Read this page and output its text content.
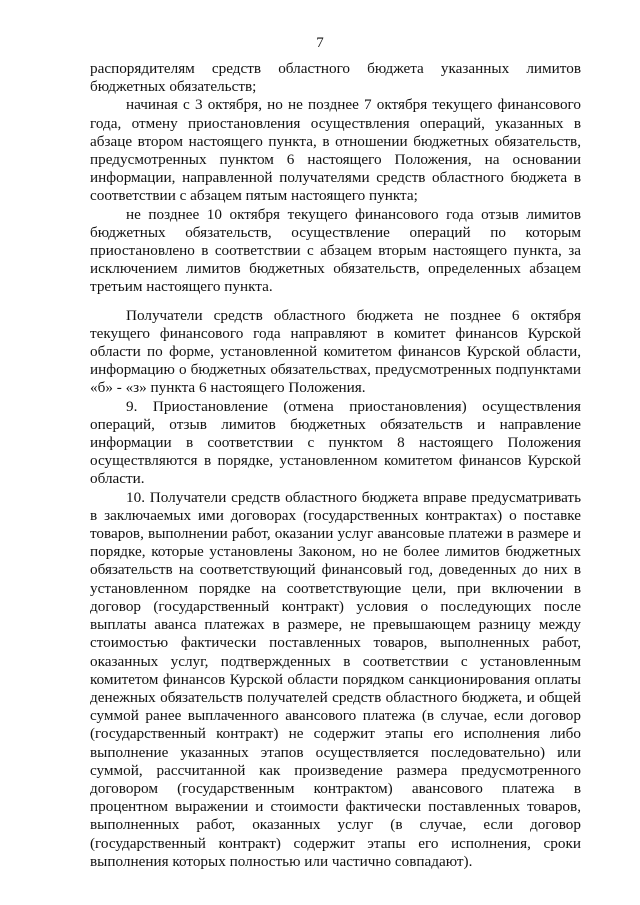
7

распорядителям средств областного бюджета указанных лимитов бюджетных обязательств;

начиная с 3 октября, но не позднее 7 октября текущего финансового года, отмену приостановления осуществления операций, указанных в абзаце втором настоящего пункта, в отношении бюджетных обязательств, предусмотренных пунктом 6 настоящего Положения, на основании информации, направленной получателями средств областного бюджета в соответствии с абзацем пятым настоящего пункта;

не позднее 10 октября текущего финансового года отзыв лимитов бюджетных обязательств, осуществление операций по которым приостановлено в соответствии с абзацем вторым настоящего пункта, за исключением лимитов бюджетных обязательств, определенных абзацем третьим настоящего пункта.

Получатели средств областного бюджета не позднее 6 октября текущего финансового года направляют в комитет финансов Курской области по форме, установленной комитетом финансов Курской области, информацию о бюджетных обязательствах, предусмотренных подпунктами «б» - «з» пункта 6 настоящего Положения.

9. Приостановление (отмена приостановления) осуществления операций, отзыв лимитов бюджетных обязательств и направление информации в соответствии с пунктом 8 настоящего Положения осуществляются в порядке, установленном комитетом финансов Курской области.

10. Получатели средств областного бюджета вправе предусматривать в заключаемых ими договорах (государственных контрактах) о поставке товаров, выполнении работ, оказании услуг авансовые платежи в размере и порядке, которые установлены Законом, но не более лимитов бюджетных обязательств на соответствующий финансовый год, доведенных до них в установленном порядке на соответствующие цели, при включении в договор (государственный контракт) условия о последующих после выплаты аванса платежах в размере, не превышающем разницу между стоимостью фактически поставленных товаров, выполненных работ, оказанных услуг, подтвержденных в соответствии с установленным комитетом финансов Курской области порядком санкционирования оплаты денежных обязательств получателей средств областного бюджета, и общей суммой ранее выплаченного авансового платежа (в случае, если договор (государственный контракт) не содержит этапы его исполнения либо выполнение указанных этапов осуществляется последовательно) или суммой, рассчитанной как произведение размера предусмотренного договором (государственным контрактом) авансового платежа в процентном выражении и стоимости фактически поставленных товаров, выполненных работ, оказанных услуг (в случае, если договор (государственный контракт) содержит этапы его исполнения, сроки выполнения которых полностью или частично совпадают).
